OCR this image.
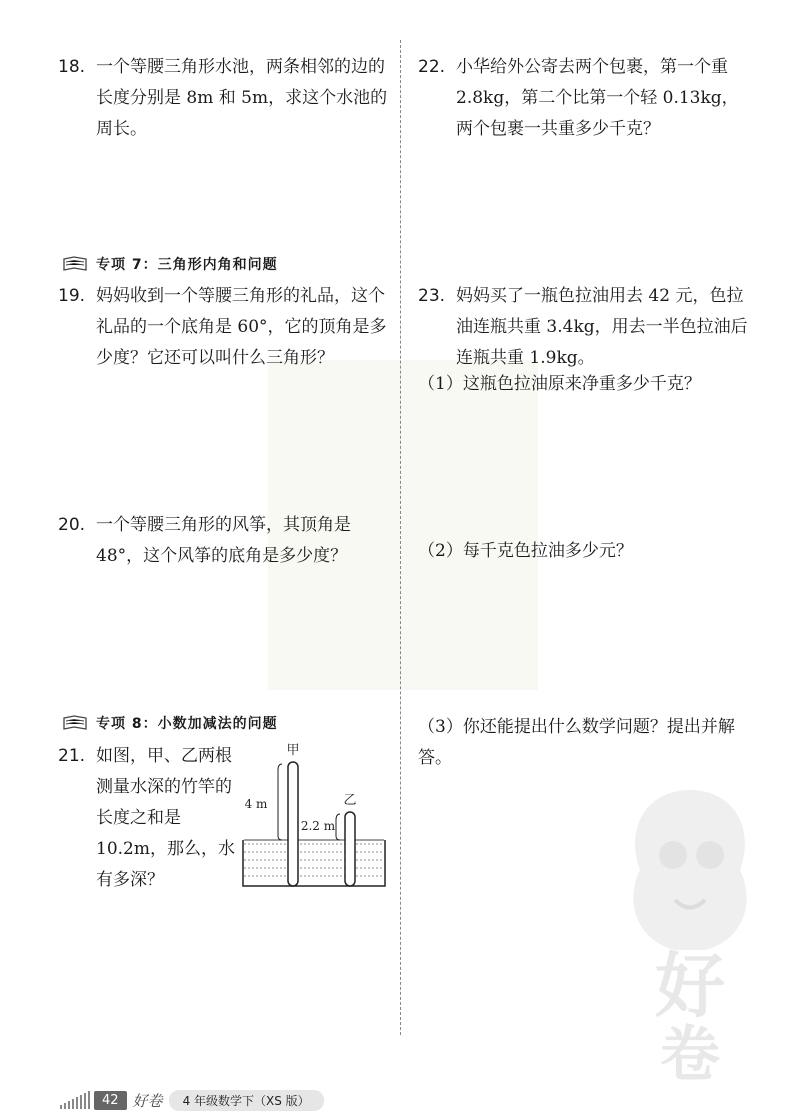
好
卷
18. 一个等腰三角形水池，两条相邻的边的长度分别是 8m 和 5m，求这个水池的周长。
专项 7：三角形内角和问题
19. 妈妈收到一个等腰三角形的礼品，这个礼品的一个底角是 60°，它的顶角是多少度？它还可以叫什么三角形？
20. 一个等腰三角形的风筝，其顶角是 48°，这个风筝的底角是多少度？
专项 8：小数加减法的问题
21. 如图，甲、乙两根测量水深的竹竿的长度之和是 10.2m，那么，水有多深？
甲
乙
4 m
2.2 m
22. 小华给外公寄去两个包裹，第一个重 2.8kg，第二个比第一个轻 0.13kg，两个包裹一共重多少千克？
23. 妈妈买了一瓶色拉油用去 42 元，色拉油连瓶共重 3.4kg，用去一半色拉油后连瓶共重 1.9kg。
（1）这瓶色拉油原来净重多少千克？
（2）每千克色拉油多少元？
（3）你还能提出什么数学问题？提出并解答。
42 好卷	4 年级数学下（XS 版）
